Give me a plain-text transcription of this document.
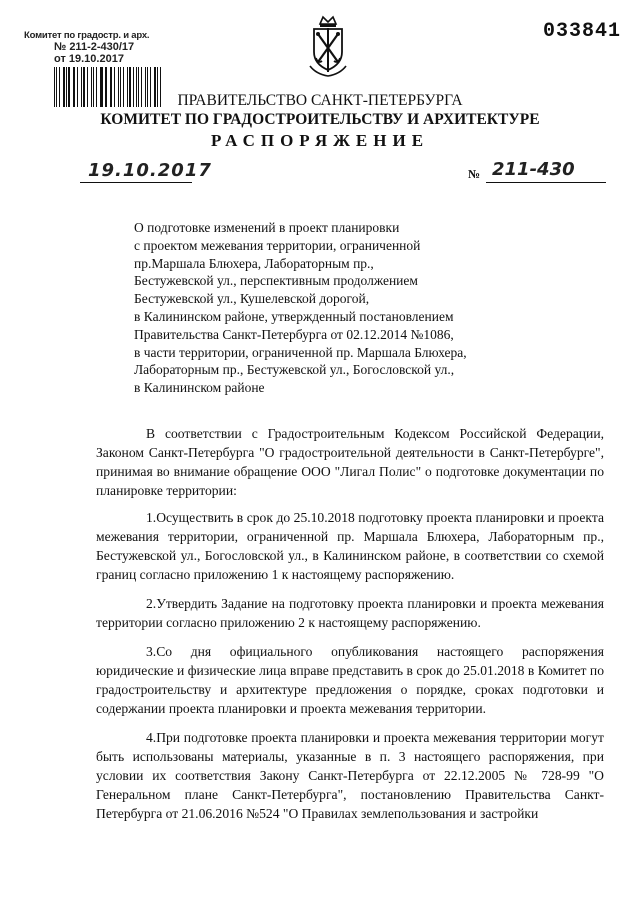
Комитет по градостр. и арх.
№ 211-2-430/17
от 19.10.2017
033841
ПРАВИТЕЛЬСТВО САНКТ-ПЕТЕРБУРГА
КОМИТЕТ ПО ГРАДОСТРОИТЕЛЬСТВУ И АРХИТЕКТУРЕ
РАСПОРЯЖЕНИЕ
19.10.2017	№ 211-430
О подготовке изменений в проект планировки
с проектом межевания территории, ограниченной
пр.Маршала Блюхера, Лабораторным пр.,
Бестужевской ул., перспективным продолжением
Бестужевской ул., Кушелевской дорогой,
в Калининском районе, утвержденный постановлением
Правительства Санкт-Петербурга от 02.12.2014 №1086,
в части территории, ограниченной пр. Маршала Блюхера,
Лабораторным пр., Бестужевской ул., Богословской ул.,
в Калининском районе
В соответствии с Градостроительным Кодексом Российской Федерации, Законом Санкт-Петербурга "О градостроительной деятельности в Санкт-Петербурге", принимая во внимание обращение ООО "Лигал Полис" о подготовке документации по планировке территории:
1.Осуществить в срок до 25.10.2018 подготовку проекта планировки и проекта межевания территории, ограниченной пр. Маршала Блюхера, Лабораторным пр., Бестужевской ул., Богословской ул., в Калининском районе, в соответствии со схемой границ согласно приложению 1 к настоящему распоряжению.
2.Утвердить Задание на подготовку проекта планировки и проекта межевания территории согласно приложению 2 к настоящему распоряжению.
3.Со дня официального опубликования настоящего распоряжения юридические и физические лица вправе представить в срок до 25.01.2018 в Комитет по градостроительству и архитектуре предложения о порядке, сроках подготовки и содержании проекта планировки и проекта межевания территории.
4.При подготовке проекта планировки и проекта межевания территории могут быть использованы материалы, указанные в п. 3 настоящего распоряжения, при условии их соответствия Закону Санкт-Петербурга от 22.12.2005 № 728-99 "О Генеральном плане Санкт-Петербурга", постановлению Правительства Санкт-Петербурга от 21.06.2016 №524 "О Правилах землепользования и застройки
